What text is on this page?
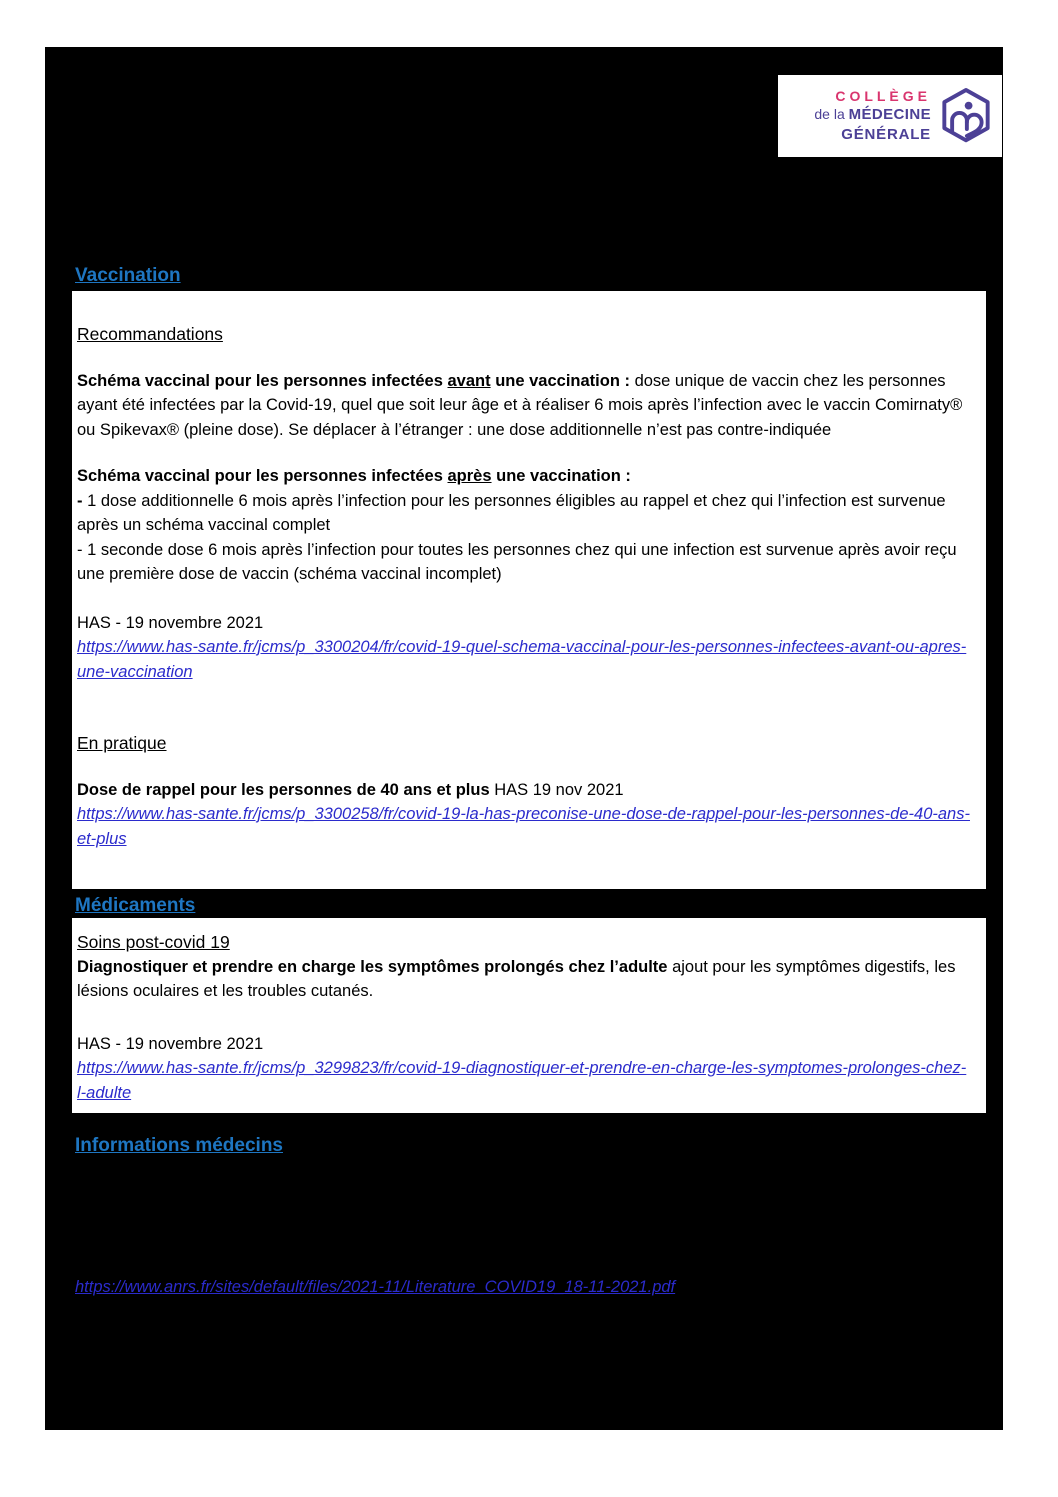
COLLÈGE
de la MÉDECINE
GÉNÉRALE
Vaccination
Recommandations

Schéma vaccinal pour les personnes infectées avant une vaccination : dose unique de vaccin chez les personnes ayant été infectées par la Covid-19, quel que soit leur âge et à réaliser 6 mois après l’infection avec le vaccin Comirnaty® ou Spikevax® (pleine dose). Se déplacer à l’étranger : une dose additionnelle n’est pas contre-indiquée

Schéma vaccinal pour les personnes infectées après une vaccination :

- 1 dose additionnelle 6 mois après l’infection pour les personnes éligibles au rappel et chez qui l’infection est survenue après un schéma vaccinal complet

- 1 seconde dose 6 mois après l’infection pour toutes les personnes chez qui une infection est survenue après avoir reçu une première dose de vaccin (schéma vaccinal incomplet)

HAS - 19 novembre 2021

https://www.has-sante.fr/jcms/p_3300204/fr/covid-19-quel-schema-vaccinal-pour-les-personnes-infectees-avant-ou-apres-une-vaccination
En pratique

Dose de rappel pour les personnes de 40 ans et plus HAS 19 nov 2021

https://www.has-sante.fr/jcms/p_3300258/fr/covid-19-la-has-preconise-une-dose-de-rappel-pour-les-personnes-de-40-ans-et-plus
Médicaments
Soins post-covid 19

Diagnostiquer et prendre en charge les symptômes prolongés chez l’adulte ajout pour les symptômes digestifs, les lésions oculaires et les troubles cutanés.

HAS - 19 novembre 2021

https://www.has-sante.fr/jcms/p_3299823/fr/covid-19-diagnostiquer-et-prendre-en-charge-les-symptomes-prolonges-chez-l-adulte
Informations médecins
https://www.anrs.fr/sites/default/files/2021-11/Literature_COVID19_18-11-2021.pdf
